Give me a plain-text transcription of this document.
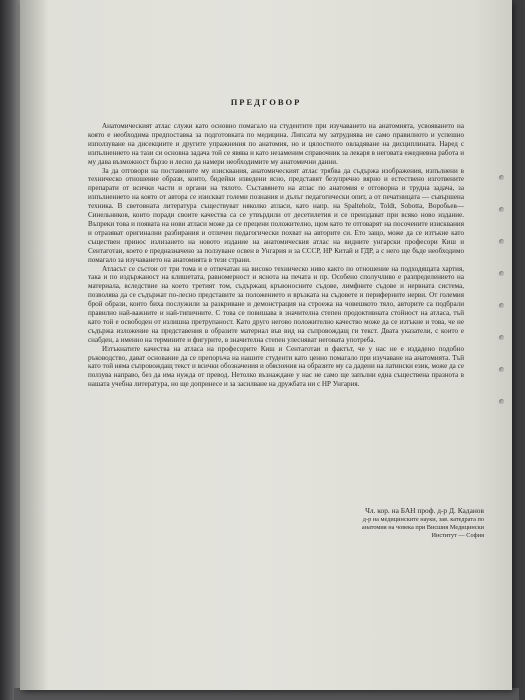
ПРЕДГОВОР

Анатомическият атлас служи като основно помагало на студентите при изучаването на анатомията, усвояването на която е необходима предпоставка за подготовката по медицина. Липсата му затруднява не само правилното и успешно използуване на дисекциите и другите упражнения по анатомия, но и цялостното овладяване на дисциплината. Наред с изпълнението на тази си основна задача той се явява и като незаменим справочник за лекаря в неговата ежедневна работа и му дава възможност бързо и лесно да намери необходимите му анатомични данни.

За да отговори на поставените му изисквания, анатомическият атлас трябва да съдържа изображения, изпълнени в техническо отношение образи, които, бидейки изведени ясно, представят безупречно вярно и естествено изготвените препарати от всички части и органи на тялото. Съставянето на атлас по анатомия е отговорна и трудна задача, за изпълнението на която от автора се изискват големи познания и дълъг педагогически опит, а от печатницата — съвършена техника. В световната литература съществуват няколко атласи, като напр. на Spalteholz, Toldt, Sobotta, Воробьев—Синельников, които поради своите качества са се утвърдили от десетилетия и се преиздават при всяко ново издание. Въпреки това и появата на нови атласи може да се прецени положително, щом като те отговарят на посочените изисквания и отразяват оригинални разбирания и отличен педагогически похват на авторите си. Ето защо, може да се изтъкне като съществен принос излизането на новото издание на анатомическия атлас на видните унгарски професори Киш и Сентаготаи, което е предназначено за ползуване освен в Унгария и за СССР, НР Китай и ГДР, а с него ще бъде необходимо помагало за изучаването на анатомията в тези страни.

Атласът се състои от три тома и е отпечатан на високо техническо ниво както по отношение на подходящата хартия, така и по издържаност на клишетата, равномерност и яснота на печата и пр. Особено сполучливо е разпределението на материала, вследствие на което третият том, съдържащ кръвоносните съдове, лимфните съдове и нервната система, позволява да се съдържат по-лесно представите за положението и връзката на съдовете и периферните нерви. От големия брой образи, които биха послужили за разкриване и демонстрация на строежа на човешкото тяло, авторите са подбрали правилно най-важните и най-типичните. С това се повишава в значителна степен продоктивната стойност на атласа, тъй като той е освободен от излишна претрупаност. Като друго негово положително качество може да се изтъкне и това, че не съдържа изложение на представения в образите материал във вид на съпровождащ ги текст. Двата указатели, с които е снабден, а именно на термините и фигурите, в значителна степен улесняват неговата употреба.

Изтъкнатите качества на атласа на професорите Киш и Сентаготаи и фактът, че у нас не е издадено подобно ръководство, дават основание да се препоръча на нашите студенти като ценно помагало при изучаване на анатомията. Тъй като той няма съпровождащ текст и всички обозначения и обяснения на образите му са дадени на латински език, може да се ползува направо, без да има нужда от превод. Нетолко възнаждане у нас не само ще запълни една съществена празнота в нашата учебна литература, но ще допринесе и за засилване на дружбата ни с НР Унгария.

Чл. кор. на БАН проф. д-р Д. Каданов
д-р на медицинските науки, зав. катедрата по
анатомия на човека при Висшия Медицински
Институт — София
